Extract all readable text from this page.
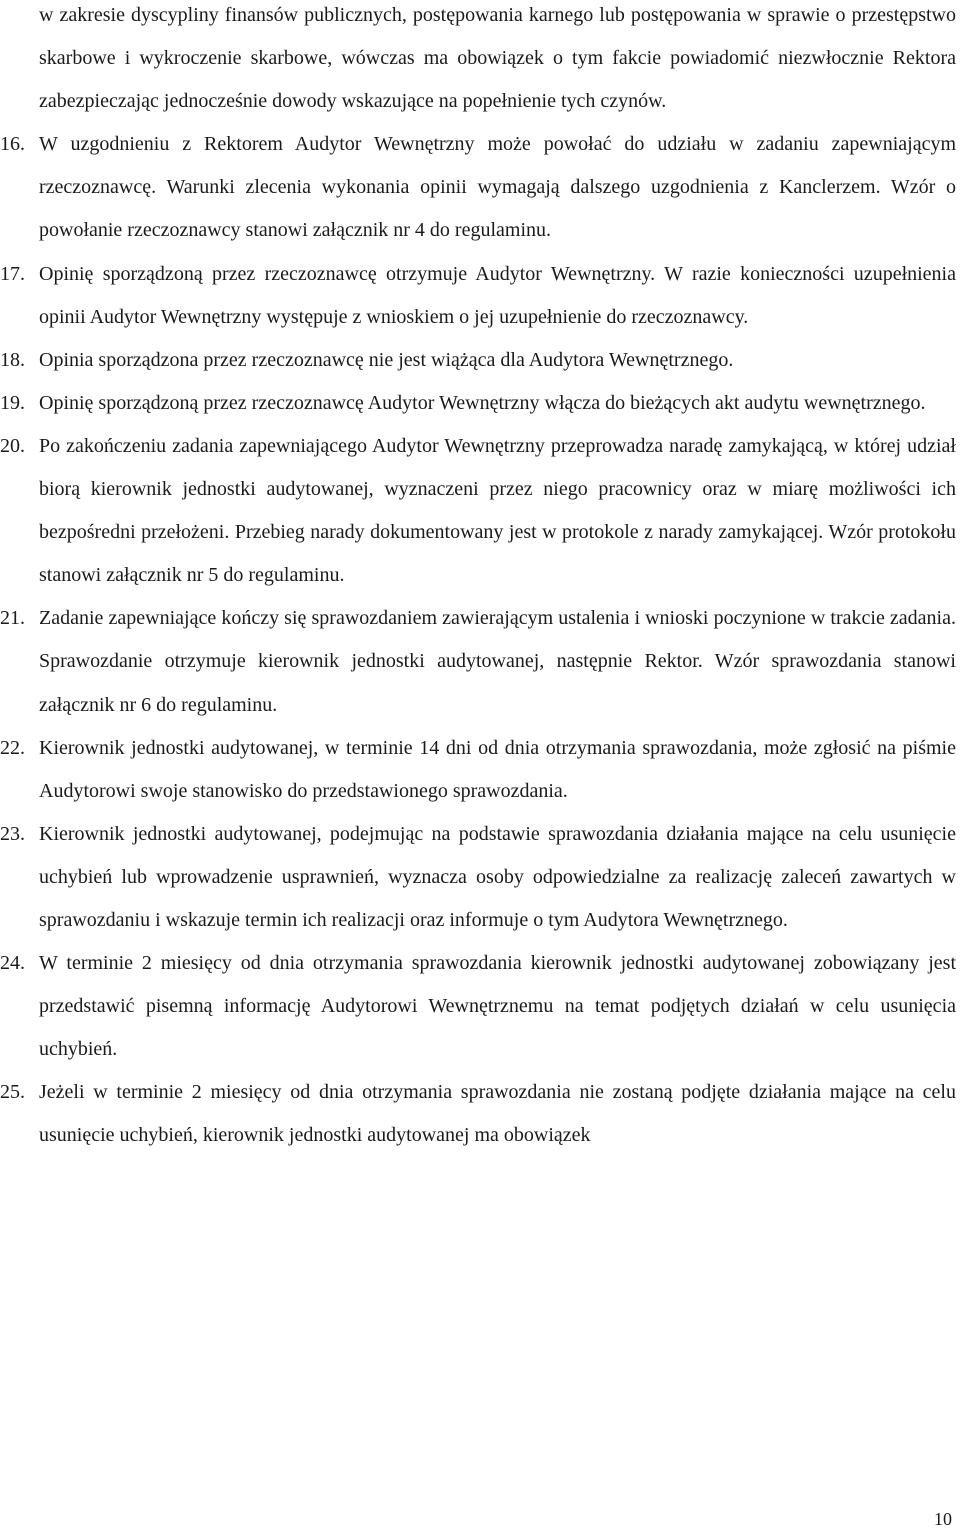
w zakresie dyscypliny finansów publicznych, postępowania karnego lub postępowania w sprawie o przestępstwo skarbowe i wykroczenie skarbowe, wówczas ma obowiązek o tym fakcie powiadomić niezwłocznie Rektora zabezpieczając jednocześnie dowody wskazujące na popełnienie tych czynów.

16. W uzgodnieniu z Rektorem Audytor Wewnętrzny może powołać do udziału w zadaniu zapewniającym rzeczoznawcę. Warunki zlecenia wykonania opinii wymagają dalszego uzgodnienia z Kanclerzem. Wzór o powołanie rzeczoznawcy stanowi załącznik nr 4 do regulaminu.
17. Opinię sporządzoną przez rzeczoznawcę otrzymuje Audytor Wewnętrzny. W razie konieczności uzupełnienia opinii Audytor Wewnętrzny występuje z wnioskiem o jej uzupełnienie do rzeczoznawcy.
18. Opinia sporządzona przez rzeczoznawcę nie jest wiążąca dla Audytora Wewnętrznego.
19. Opinię sporządzoną przez rzeczoznawcę Audytor Wewnętrzny włącza do bieżących akt audytu wewnętrznego.
20. Po zakończeniu zadania zapewniającego Audytor Wewnętrzny przeprowadza naradę zamykającą, w której udział biorą kierownik jednostki audytowanej, wyznaczeni przez niego pracownicy oraz w miarę możliwości ich bezpośredni przełożeni. Przebieg narady dokumentowany jest w protokole z narady zamykającej. Wzór protokołu stanowi załącznik nr 5 do regulaminu.
21. Zadanie zapewniające kończy się sprawozdaniem zawierającym ustalenia i wnioski poczynione w trakcie zadania. Sprawozdanie otrzymuje kierownik jednostki audytowanej, następnie Rektor. Wzór sprawozdania stanowi załącznik nr 6 do regulaminu.
22. Kierownik jednostki audytowanej, w terminie 14 dni od dnia otrzymania sprawozdania, może zgłosić na piśmie Audytorowi swoje stanowisko do przedstawionego sprawozdania.
23. Kierownik jednostki audytowanej, podejmując na podstawie sprawozdania działania mające na celu usunięcie uchybień lub wprowadzenie usprawnień, wyznacza osoby odpowiedzialne za realizację zaleceń zawartych w sprawozdaniu i wskazuje termin ich realizacji oraz informuje o tym Audytora Wewnętrznego.
24. W terminie 2 miesięcy od dnia otrzymania sprawozdania kierownik jednostki audytowanej zobowiązany jest przedstawić pisemną informację Audytorowi Wewnętrznemu na temat podjętych działań w celu usunięcia uchybień.
25. Jeżeli w terminie 2 miesięcy od dnia otrzymania sprawozdania nie zostaną podjęte działania mające na celu usunięcie uchybień, kierownik jednostki audytowanej ma obowiązek
10
